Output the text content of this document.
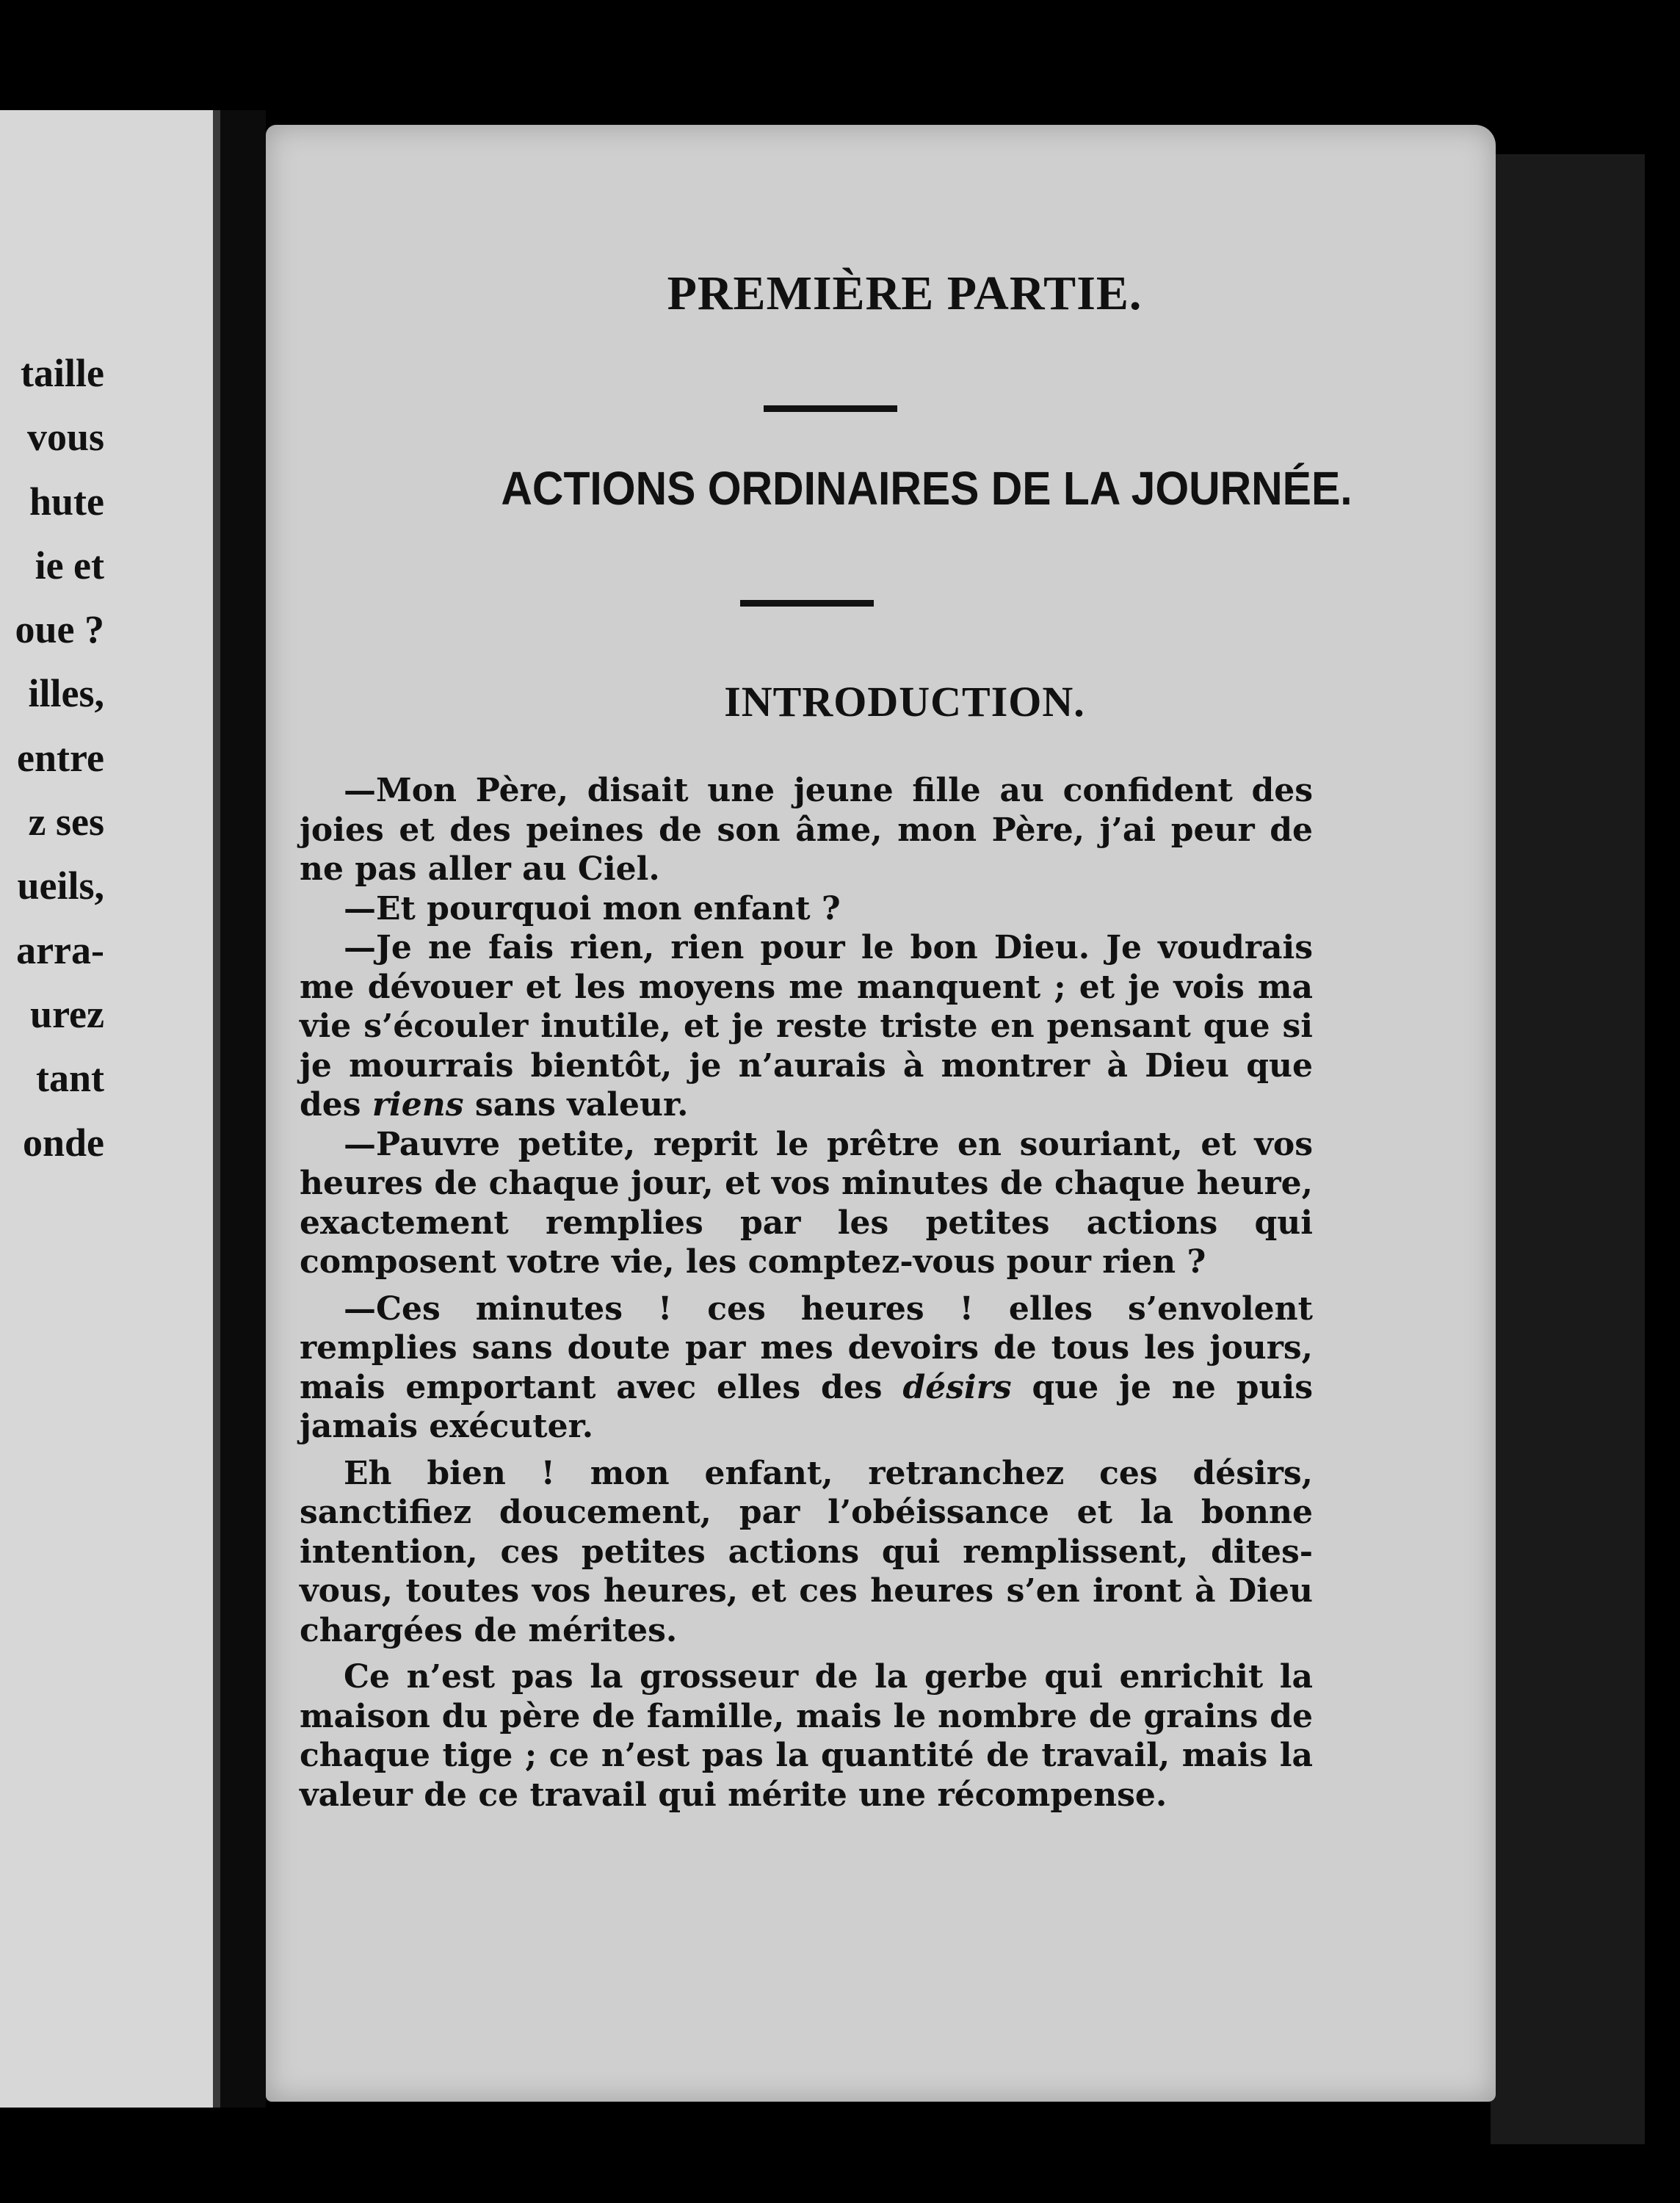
taille
vous
hute
ie et
oue ?
illes,
entre
z ses
ueils,
arra-
urez
tant
onde
PREMIÈRE PARTIE.
ACTIONS ORDINAIRES DE LA JOURNÉE.
INTRODUCTION.

—Mon Père, disait une jeune fille au confident des joies et des peines de son âme, mon Père, j’ai peur de ne pas aller au Ciel.

—Et pourquoi mon enfant ?

—Je ne fais rien, rien pour le bon Dieu. Je voudrais me dévouer et les moyens me manquent ; et je vois ma vie s’écouler inutile, et je reste triste en pensant que si je mourrais bientôt, je n’aurais à montrer à Dieu que des riens sans valeur.

—Pauvre petite, reprit le prêtre en souriant, et vos heures de chaque jour, et vos minutes de chaque heure, exactement remplies par les petites actions qui composent votre vie, les comptez-vous pour rien ?

—Ces minutes ! ces heures ! elles s’envolent remplies sans doute par mes devoirs de tous les jours, mais emportant avec elles des désirs que je ne puis jamais exécuter.

Eh bien ! mon enfant, retranchez ces désirs, sanctifiez doucement, par l’obéissance et la bonne intention, ces petites actions qui remplissent, dites-vous, toutes vos heures, et ces heures s’en iront à Dieu chargées de mérites.

Ce n’est pas la grosseur de la gerbe qui enrichit la maison du père de famille, mais le nombre de grains de chaque tige ; ce n’est pas la quantité de travail, mais la valeur de ce travail qui mérite une récompense.
